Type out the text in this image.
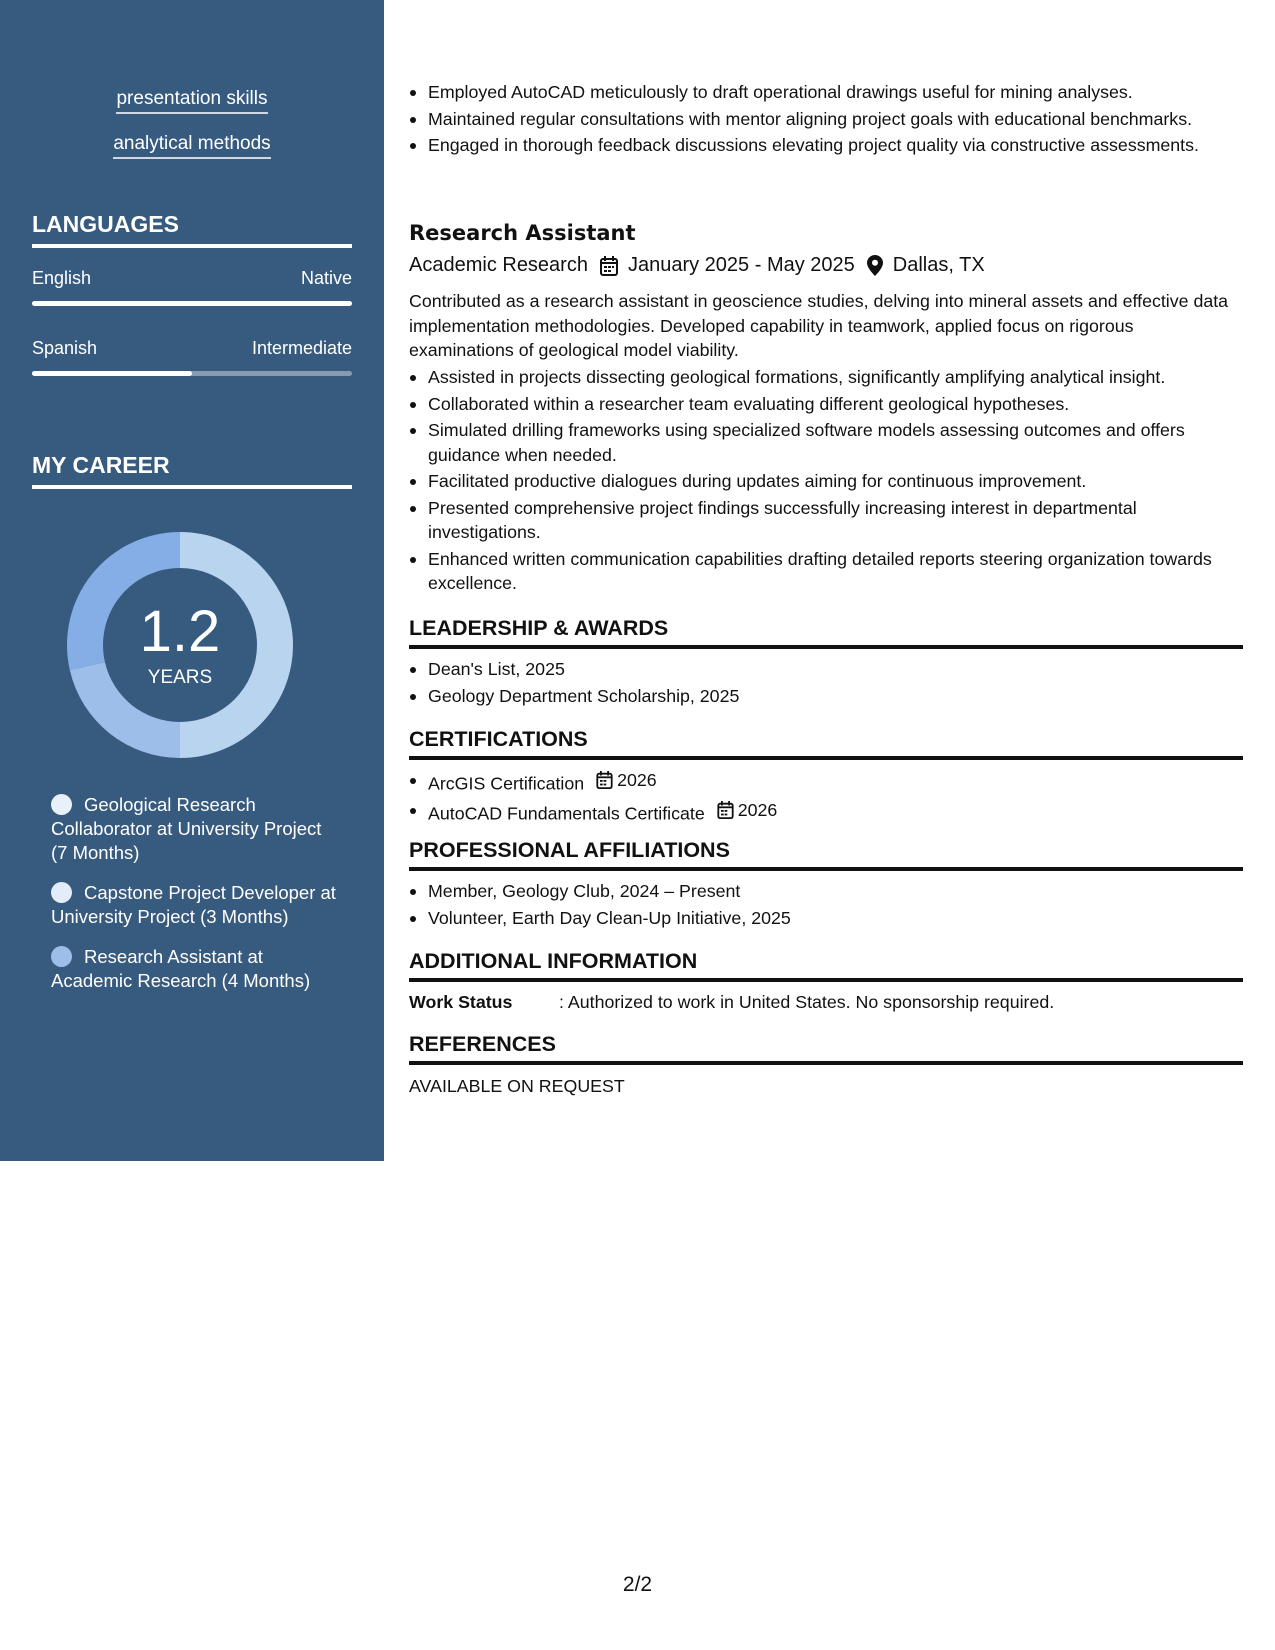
presentation skills
analytical methods
LANGUAGES
English	Native
Spanish	Intermediate
MY CAREER
1.2
YEARS
Geological Research Collaborator at University Project (7 Months)
Capstone Project Developer at University Project (3 Months)
Research Assistant at Academic Research (4 Months)
Employed AutoCAD meticulously to draft operational drawings useful for mining analyses.
Maintained regular consultations with mentor aligning project goals with educational benchmarks.
Engaged in thorough feedback discussions elevating project quality via constructive assessments.
Research Assistant
Academic Research January 2025 - May 2025 Dallas, TX
Contributed as a research assistant in geoscience studies, delving into mineral assets and effective data implementation methodologies. Developed capability in teamwork, applied focus on rigorous examinations of geological model viability.
Assisted in projects dissecting geological formations, significantly amplifying analytical insight.
Collaborated within a researcher team evaluating different geological hypotheses.
Simulated drilling frameworks using specialized software models assessing outcomes and offers guidance when needed.
Facilitated productive dialogues during updates aiming for continuous improvement.
Presented comprehensive project findings successfully increasing interest in departmental investigations.
Enhanced written communication capabilities drafting detailed reports steering organization towards excellence.
LEADERSHIP & AWARDS
Dean's List, 2025
Geology Department Scholarship, 2025
CERTIFICATIONS
ArcGIS Certification 2026
AutoCAD Fundamentals Certificate 2026
PROFESSIONAL AFFILIATIONS
Member, Geology Club, 2024 – Present
Volunteer, Earth Day Clean-Up Initiative, 2025
ADDITIONAL INFORMATION
Work Status	: Authorized to work in United States. No sponsorship required.
REFERENCES
AVAILABLE ON REQUEST
2/2
